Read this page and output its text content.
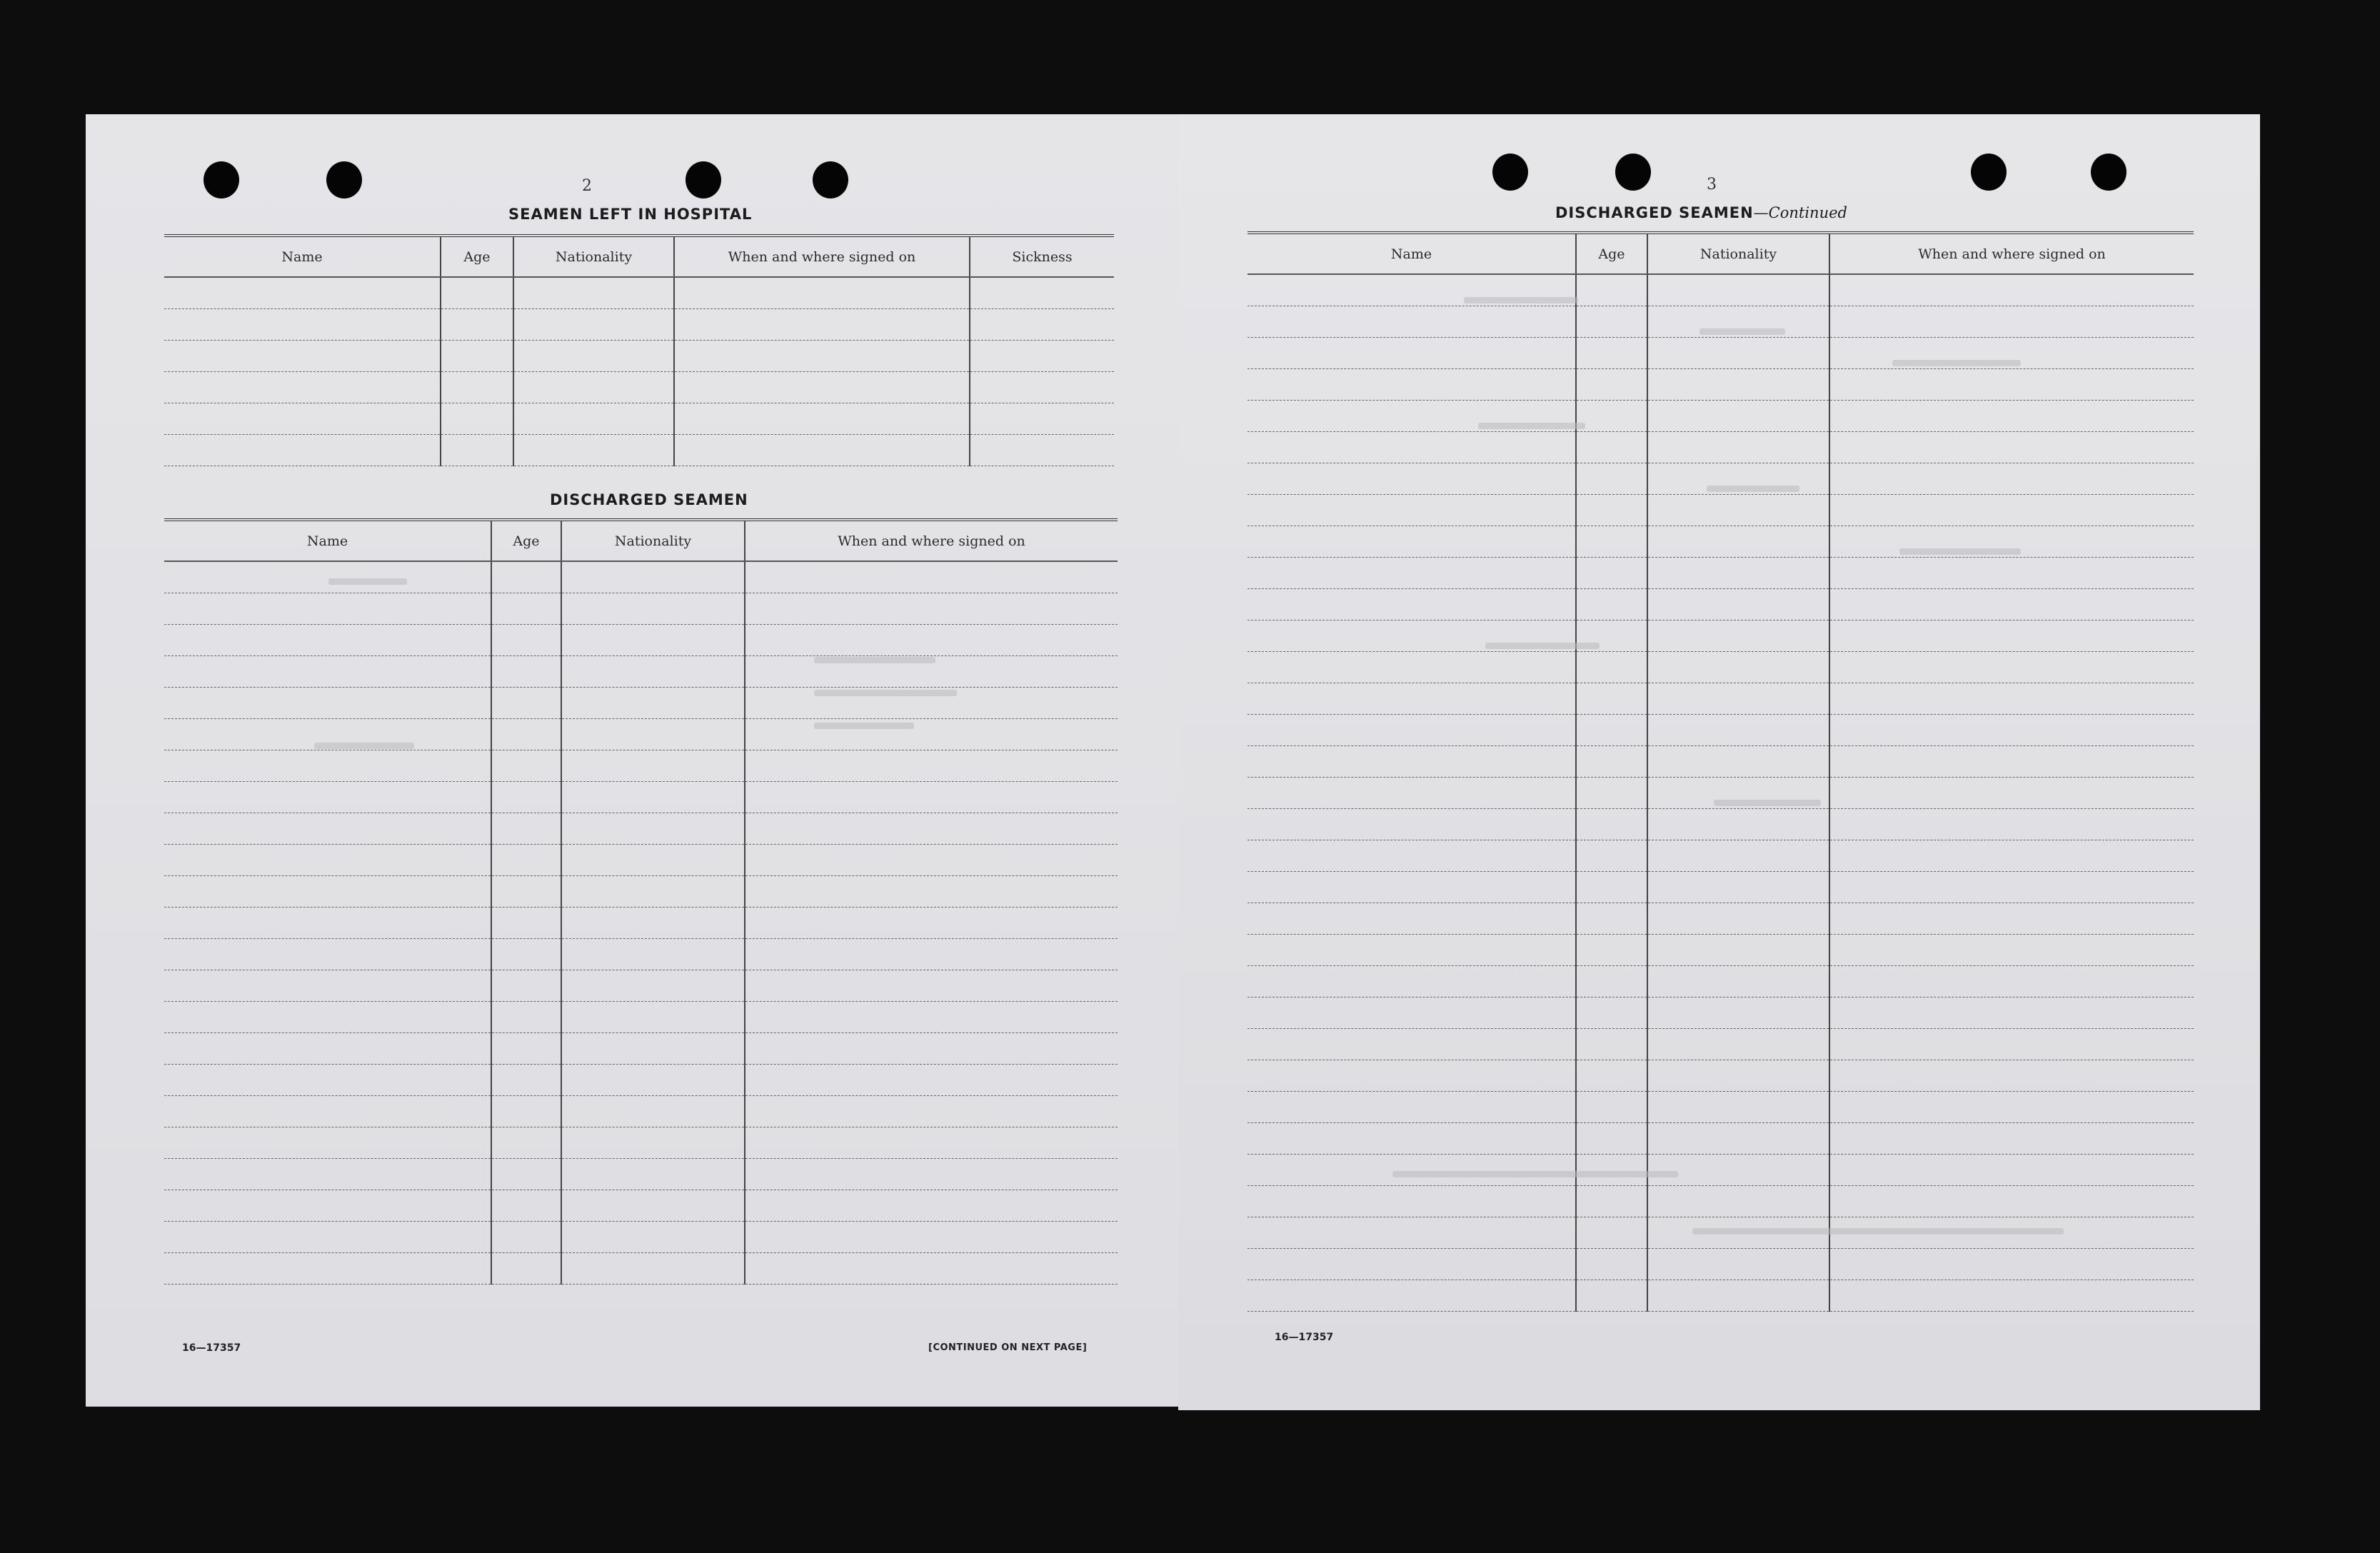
2
SEAMEN LEFT IN HOSPITAL
Name	Age	Nationality	When and where signed on	Sickness

DISCHARGED SEAMEN
Name	Age	Nationality	When and where signed on

16—17357	[CONTINUED ON NEXT PAGE]
3
DISCHARGED SEAMEN—Continued
Name	Age	Nationality	When and where signed on

16—17357
